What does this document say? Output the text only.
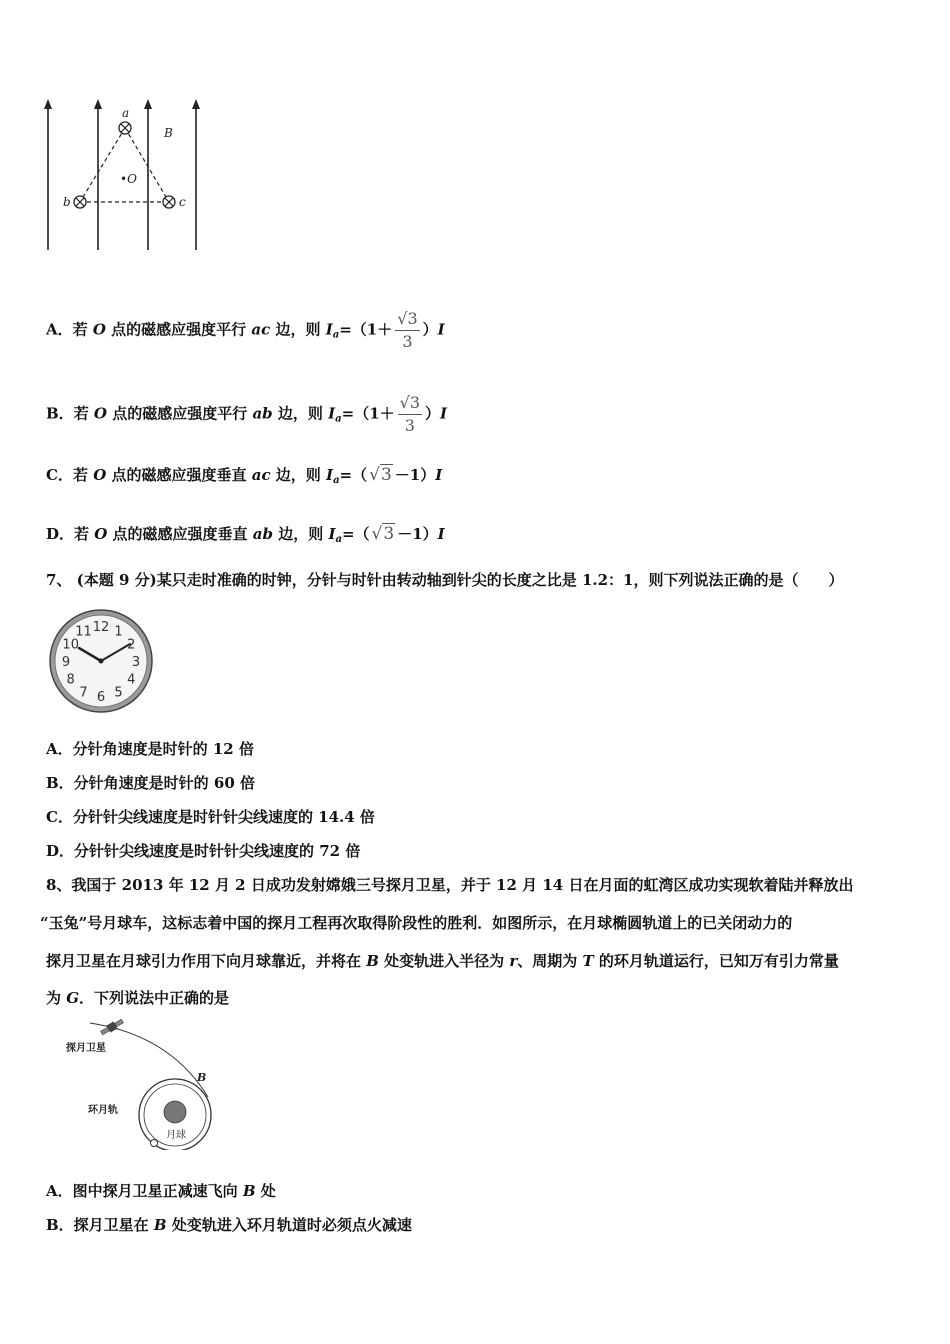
a
b	c
•O
B
A．若 O 点的磁感应强度平行 ac 边，则 $I_a=(1+ \frac{√3}{3} )I$
B．若 O 点的磁感应强度平行 ab 边，则 $I_a=(1+ \frac{√3}{3} )I$
C．若 O 点的磁感应强度垂直 ac 边，则 $I_a=$（ √3 －1）I
D．若 O 点的磁感应强度垂直 ab 边，则 $I_a=$（ √3 －1）I
7、 (本题 9 分)某只走时准确的时钟，分针与时针由转动轴到针尖的长度之比是 1.2：1，则下列说法正确的是（　　）
12 1
2
3
4
5
6
7
8
9
10
11
A．分针角速度是时针的 12 倍
B．分针角速度是时针的 60 倍
C．分针针尖线速度是时针针尖线速度的 14.4 倍
D．分针针尖线速度是时针针尖线速度的 72 倍
8、我国于 2013 年 12 月 2 日成功发射嫦娥三号探月卫星，并于 12 月 14 日在月面的虹湾区成功实现软着陆并释放出
“玉兔”号月球车，这标志着中国的探月工程再次取得阶段性的胜利．如图所示，在月球椭圆轨道上的已关闭动力的
探月卫星在月球引力作用下向月球靠近，并将在 B 处变轨进入半径为 r、周期为 T 的环月轨道运行，已知万有引力常量
为 G．下列说法中正确的是
探月卫星
环月轨
月球
B
A．图中探月卫星正减速飞向 B 处
B．探月卫星在 B 处变轨进入环月轨道时必须点火减速
